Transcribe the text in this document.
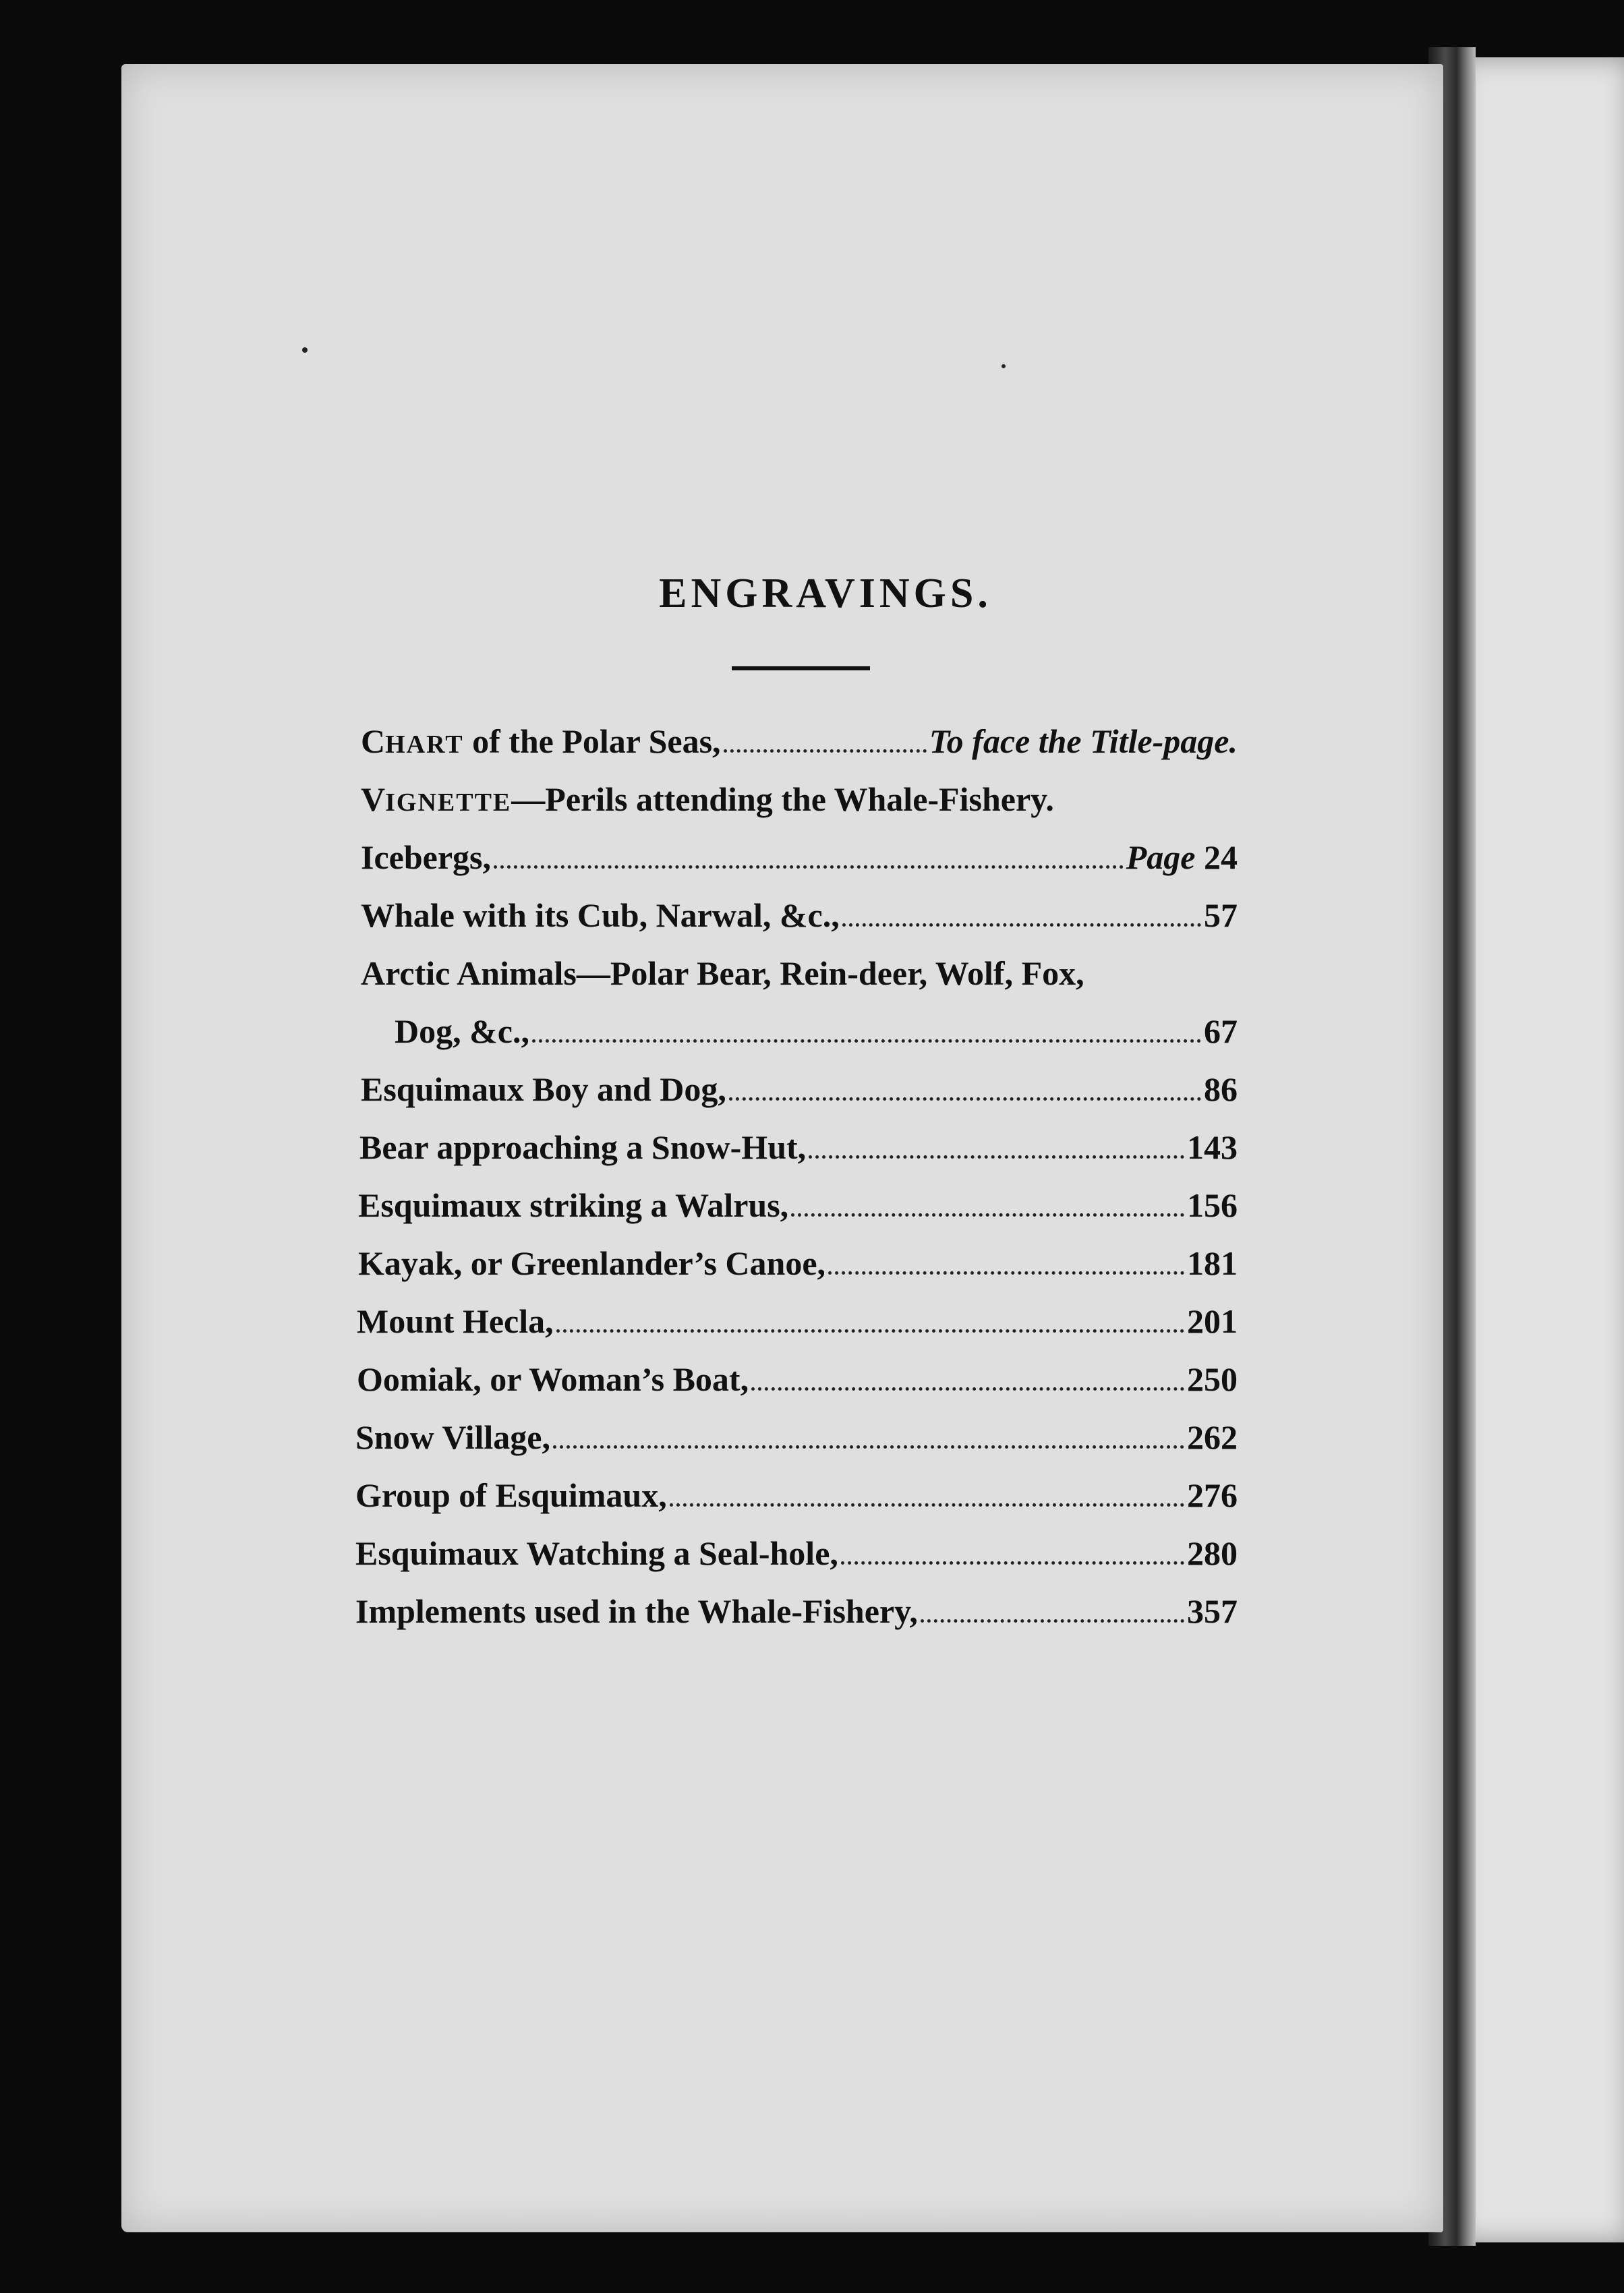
ENGRAVINGS.
CHART of the Polar Seas,	To face the Title-page.
VIGNETTE—Perils attending the Whale-Fishery.
Icebergs,	Page 24
Whale with its Cub, Narwal, &c.,	57
Arctic Animals—Polar Bear, Rein-deer, Wolf, Fox,
Dog, &c.,	67
Esquimaux Boy and Dog,	86
Bear approaching a Snow-Hut,	143
Esquimaux striking a Walrus,	156
Kayak, or Greenlander’s Canoe,	181
Mount Hecla,	201
Oomiak, or Woman’s Boat,	250
Snow Village,	262
Group of Esquimaux,	276
Esquimaux Watching a Seal-hole,	280
Implements used in the Whale-Fishery,	357
